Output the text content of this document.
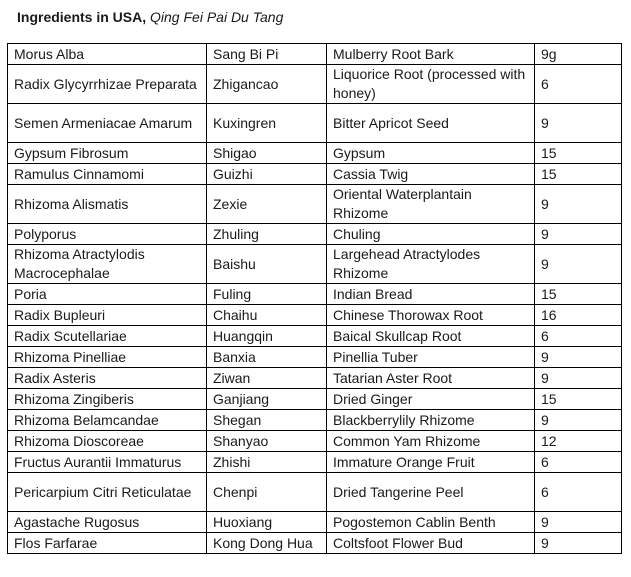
Ingredients in USA, Qing Fei Pai Du Tang
Morus Alba	Sang Bi Pi	Mulberry Root Bark	9g
Radix Glycyrrhizae Preparata	Zhigancao	Liquorice Root (processed with honey)	6
Semen Armeniacae Amarum	Kuxingren	Bitter Apricot Seed	9
Gypsum Fibrosum	Shigao	Gypsum	15
Ramulus Cinnamomi	Guizhi	Cassia Twig	15
Rhizoma Alismatis	Zexie	Oriental Waterplantain Rhizome	9
Polyporus	Zhuling	Chuling	9
Rhizoma Atractylodis Macrocephalae	Baishu	Largehead Atractylodes Rhizome	9
Poria	Fuling	Indian Bread	15
Radix Bupleuri	Chaihu	Chinese Thorowax Root	16
Radix Scutellariae	Huangqin	Baical Skullcap Root	6
Rhizoma Pinelliae	Banxia	Pinellia Tuber	9
Radix Asteris	Ziwan	Tatarian Aster Root	9
Rhizoma Zingiberis	Ganjiang	Dried Ginger	15
Rhizoma Belamcandae	Shegan	Blackberrylily Rhizome	9
Rhizoma Dioscoreae	Shanyao	Common Yam Rhizome	12
Fructus Aurantii Immaturus	Zhishi	Immature Orange Fruit	6
Pericarpium Citri Reticulatae	Chenpi	Dried Tangerine Peel	6
Agastache Rugosus	Huoxiang	Pogostemon Cablin Benth	9
Flos Farfarae	Kong Dong Hua	Coltsfoot Flower Bud	9
